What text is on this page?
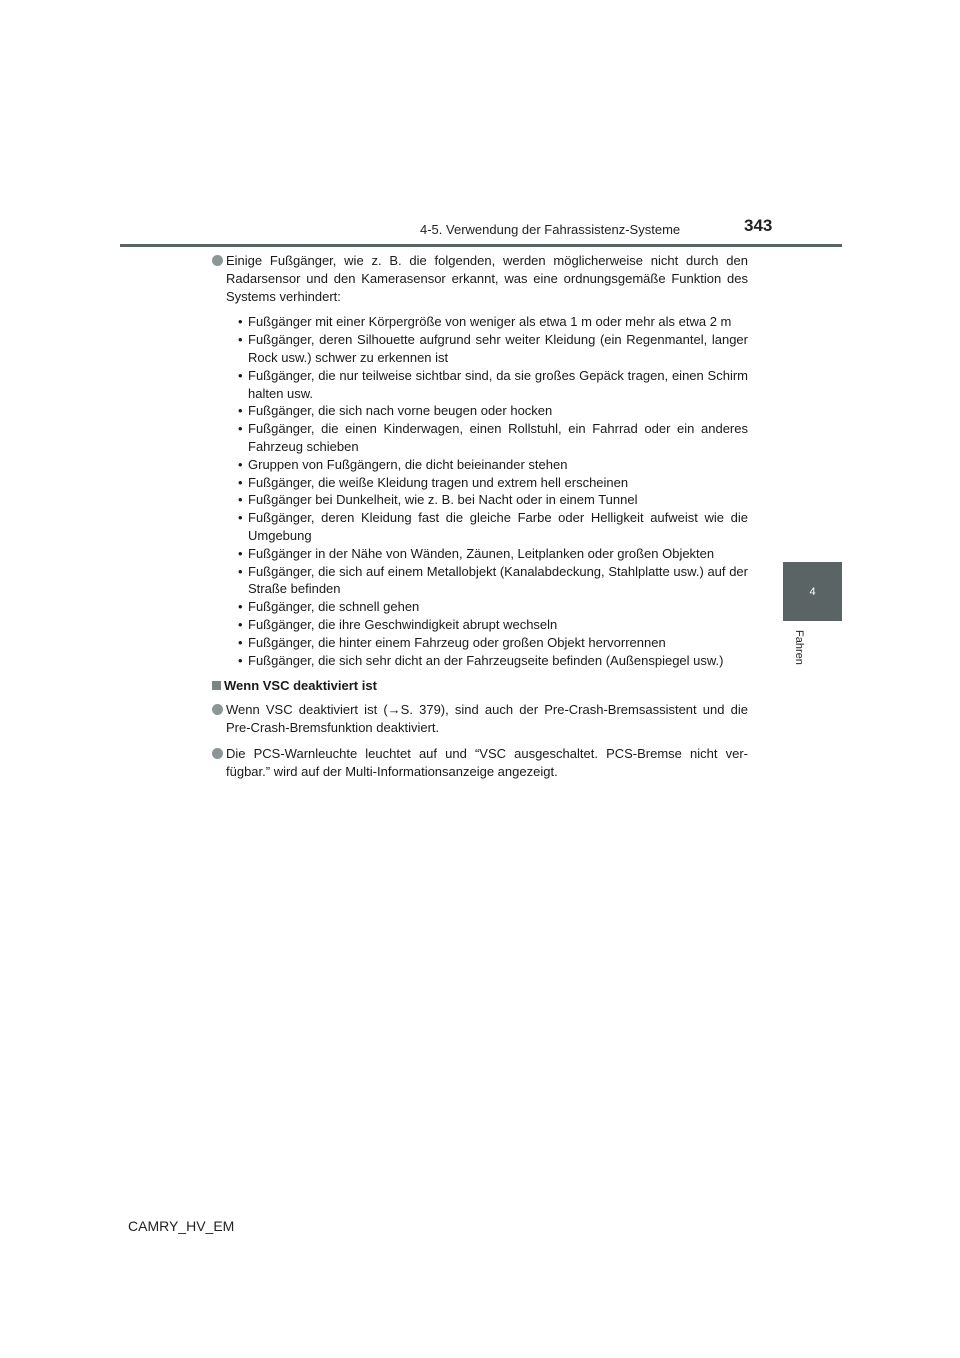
4-5. Verwendung der Fahrassistenz-Systeme	343
4
Fahren
Einige Fußgänger, wie z. B. die folgenden, werden möglicherweise nicht durch den Radarsensor und den Kamerasensor erkannt, was eine ordnungsgemäße Funktion des Systems verhindert:
• Fußgänger mit einer Körpergröße von weniger als etwa 1 m oder mehr als etwa 2 m
• Fußgänger, deren Silhouette aufgrund sehr weiter Kleidung (ein Regenmantel, langer Rock usw.) schwer zu erkennen ist
• Fußgänger, die nur teilweise sichtbar sind, da sie großes Gepäck tragen, einen Schirm halten usw.
• Fußgänger, die sich nach vorne beugen oder hocken
• Fußgänger, die einen Kinderwagen, einen Rollstuhl, ein Fahrrad oder ein anderes Fahrzeug schieben
• Gruppen von Fußgängern, die dicht beieinander stehen
• Fußgänger, die weiße Kleidung tragen und extrem hell erscheinen
• Fußgänger bei Dunkelheit, wie z. B. bei Nacht oder in einem Tunnel
• Fußgänger, deren Kleidung fast die gleiche Farbe oder Helligkeit aufweist wie die Umgebung
• Fußgänger in der Nähe von Wänden, Zäunen, Leitplanken oder großen Objekten
• Fußgänger, die sich auf einem Metallobjekt (Kanalabdeckung, Stahlplatte usw.) auf der Straße befinden
• Fußgänger, die schnell gehen
• Fußgänger, die ihre Geschwindigkeit abrupt wechseln
• Fußgänger, die hinter einem Fahrzeug oder großen Objekt hervorrennen
• Fußgänger, die sich sehr dicht an der Fahrzeugseite befinden (Außenspiegel usw.)
Wenn VSC deaktiviert ist
Wenn VSC deaktiviert ist (→S. 379), sind auch der Pre-Crash-Bremsassistent und die Pre-Crash-Bremsfunktion deaktiviert.
Die PCS-Warnleuchte leuchtet auf und “VSC ausgeschaltet. PCS-Bremse nicht ver-fügbar.” wird auf der Multi-Informationsanzeige angezeigt.
CAMRY_HV_EM
